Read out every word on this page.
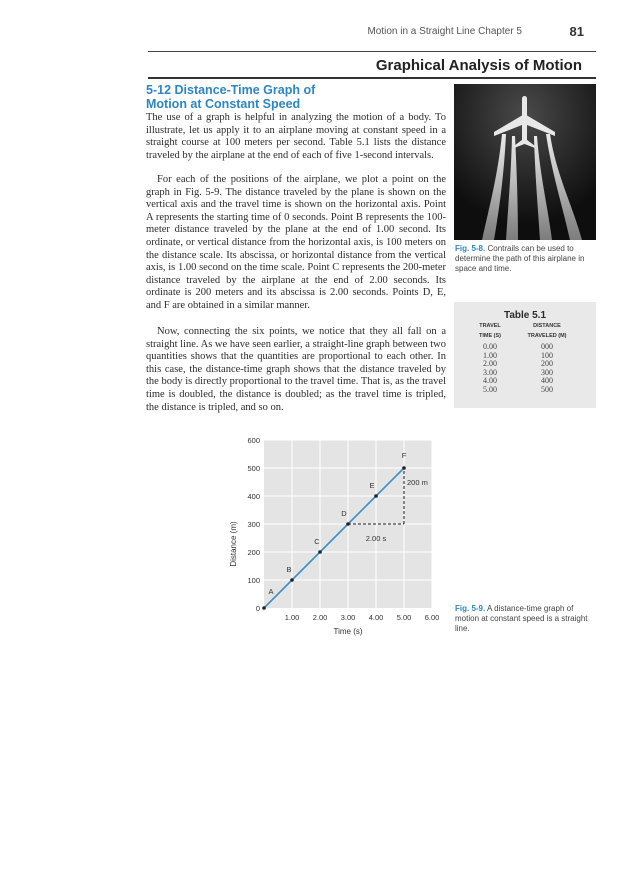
Motion in a Straight Line Chapter 5	81
Graphical Analysis of Motion
5-12 Distance-Time Graph of
Motion at Constant Speed
The use of a graph is helpful in analyzing the motion of a body. To illustrate, let us apply it to an airplane moving at constant speed in a straight course at 100 meters per second. Table 5.1 lists the distance traveled by the airplane at the end of each of five 1-second intervals.
For each of the positions of the airplane, we plot a point on the graph in Fig. 5-9. The distance traveled by the plane is shown on the vertical axis and the travel time is shown on the horizontal axis. Point A represents the starting time of 0 seconds. Point B represents the 100-meter distance traveled by the plane at the end of 1.00 second. Its ordinate, or vertical distance from the horizontal axis, is 100 meters on the distance scale. Its abscissa, or horizontal distance from the vertical axis, is 1.00 second on the time scale. Point C represents the 200-meter distance traveled by the airplane at the end of 2.00 seconds. Its ordinate is 200 meters and its abscissa is 2.00 seconds. Points D, E, and F are obtained in a similar manner.
Now, connecting the six points, we notice that they all fall on a straight line. As we have seen earlier, a straight-line graph between two quantities shows that the quantities are proportional to each other. In this case, the distance-time graph shows that the distance traveled by the body is directly proportional to the travel time. That is, as the travel time is doubled, the distance is doubled; as the travel time is tripled, the distance is tripled, and so on.
Fig. 5-8. Contrails can be used to determine the path of this airplane in space and time.
Table 5.1
TRAVEL
TIME (S)
DISTANCE
TRAVELED (M)
0.00
1.00
2.00
3.00
4.00
5.00
000
100
200
300
400
500
0
100
200
300
400
500
600
1.00 2.00 3.00 4.00 5.00 6.00
A
B
C
D
E
F
200 m
2.00 s
Time (s)
Distance (m)
Fig. 5-9. A distance-time graph of motion at constant speed is a straight line.
